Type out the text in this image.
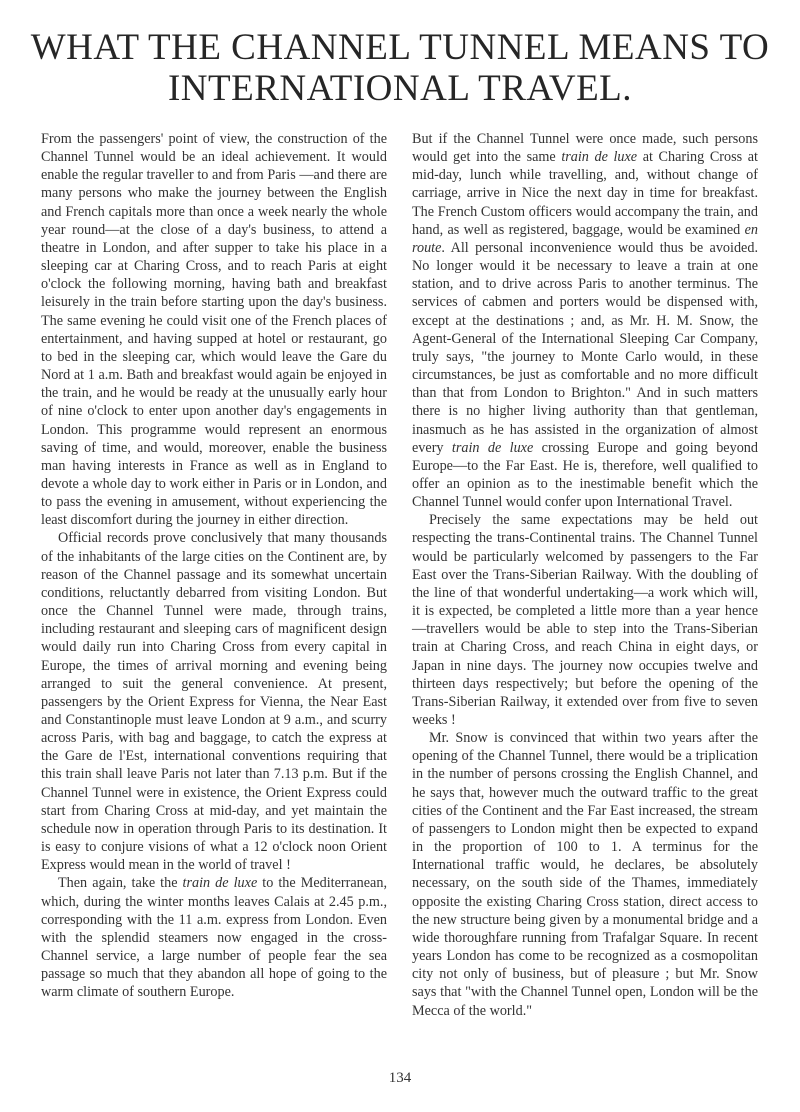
WHAT THE CHANNEL TUNNEL MEANS TO
INTERNATIONAL TRAVEL.

From the passengers' point of view, the construction of the Channel Tunnel would be an ideal achievement. It would enable the regular traveller to and from Paris —and there are many persons who make the journey between the English and French capitals more than once a week nearly the whole year round—at the close of a day's business, to attend a theatre in London, and after supper to take his place in a sleeping car at Charing Cross, and to reach Paris at eight o'clock the following morning, having bath and breakfast leisurely in the train before starting upon the day's business. The same evening he could visit one of the French places of entertainment, and having supped at hotel or restaurant, go to bed in the sleeping car, which would leave the Gare du Nord at 1 a.m. Bath and breakfast would again be enjoyed in the train, and he would be ready at the unusually early hour of nine o'clock to enter upon another day's engagements in London. This programme would represent an enormous saving of time, and would, moreover, enable the business man having interests in France as well as in England to devote a whole day to work either in Paris or in London, and to pass the evening in amusement, without experiencing the least discomfort during the journey in either direction.

Official records prove conclusively that many thousands of the inhabitants of the large cities on the Continent are, by reason of the Channel passage and its somewhat uncertain conditions, reluctantly debarred from visiting London. But once the Channel Tunnel were made, through trains, including restaurant and sleeping cars of magnificent design would daily run into Charing Cross from every capital in Europe, the times of arrival morning and evening being arranged to suit the general convenience. At present, passengers by the Orient Express for Vienna, the Near East and Constantinople must leave London at 9 a.m., and scurry across Paris, with bag and baggage, to catch the express at the Gare de l'Est, international conventions requiring that this train shall leave Paris not later than 7.13 p.m. But if the Channel Tunnel were in existence, the Orient Express could start from Charing Cross at mid-day, and yet maintain the schedule now in operation through Paris to its destination. It is easy to conjure visions of what a 12 o'clock noon Orient Express would mean in the world of travel !

Then again, take the train de luxe to the Mediterranean, which, during the winter months leaves Calais at 2.45 p.m., corresponding with the 11 a.m. express from London. Even with the splendid steamers now engaged in the cross-Channel service, a large number of people fear the sea passage so much that they abandon all hope of going to the warm climate of southern Europe.

But if the Channel Tunnel were once made, such persons would get into the same train de luxe at Charing Cross at mid-day, lunch while travelling, and, without change of carriage, arrive in Nice the next day in time for breakfast. The French Custom officers would accompany the train, and hand, as well as registered, baggage, would be examined en route. All personal inconvenience would thus be avoided. No longer would it be necessary to leave a train at one station, and to drive across Paris to another terminus. The services of cabmen and porters would be dispensed with, except at the destinations ; and, as Mr. H. M. Snow, the Agent-General of the International Sleeping Car Company, truly says, "the journey to Monte Carlo would, in these circumstances, be just as comfortable and no more difficult than that from London to Brighton." And in such matters there is no higher living authority than that gentleman, inasmuch as he has assisted in the organization of almost every train de luxe crossing Europe and going beyond Europe—to the Far East. He is, therefore, well qualified to offer an opinion as to the inestimable benefit which the Channel Tunnel would confer upon International Travel.

Precisely the same expectations may be held out respecting the trans-Continental trains. The Channel Tunnel would be particularly welcomed by passengers to the Far East over the Trans-Siberian Railway. With the doubling of the line of that wonderful undertaking—a work which will, it is expected, be completed a little more than a year hence—travellers would be able to step into the Trans-Siberian train at Charing Cross, and reach China in eight days, or Japan in nine days. The journey now occupies twelve and thirteen days respectively; but before the opening of the Trans-Siberian Railway, it extended over from five to seven weeks !

Mr. Snow is convinced that within two years after the opening of the Channel Tunnel, there would be a triplication in the number of persons crossing the English Channel, and he says that, however much the outward traffic to the great cities of the Continent and the Far East increased, the stream of passengers to London might then be expected to expand in the proportion of 100 to 1. A terminus for the International traffic would, he declares, be absolutely necessary, on the south side of the Thames, immediately opposite the existing Charing Cross station, direct access to the new structure being given by a monumental bridge and a wide thoroughfare running from Trafalgar Square. In recent years London has come to be recognized as a cosmopolitan city not only of business, but of pleasure ; but Mr. Snow says that "with the Channel Tunnel open, London will be the Mecca of the world."

134
